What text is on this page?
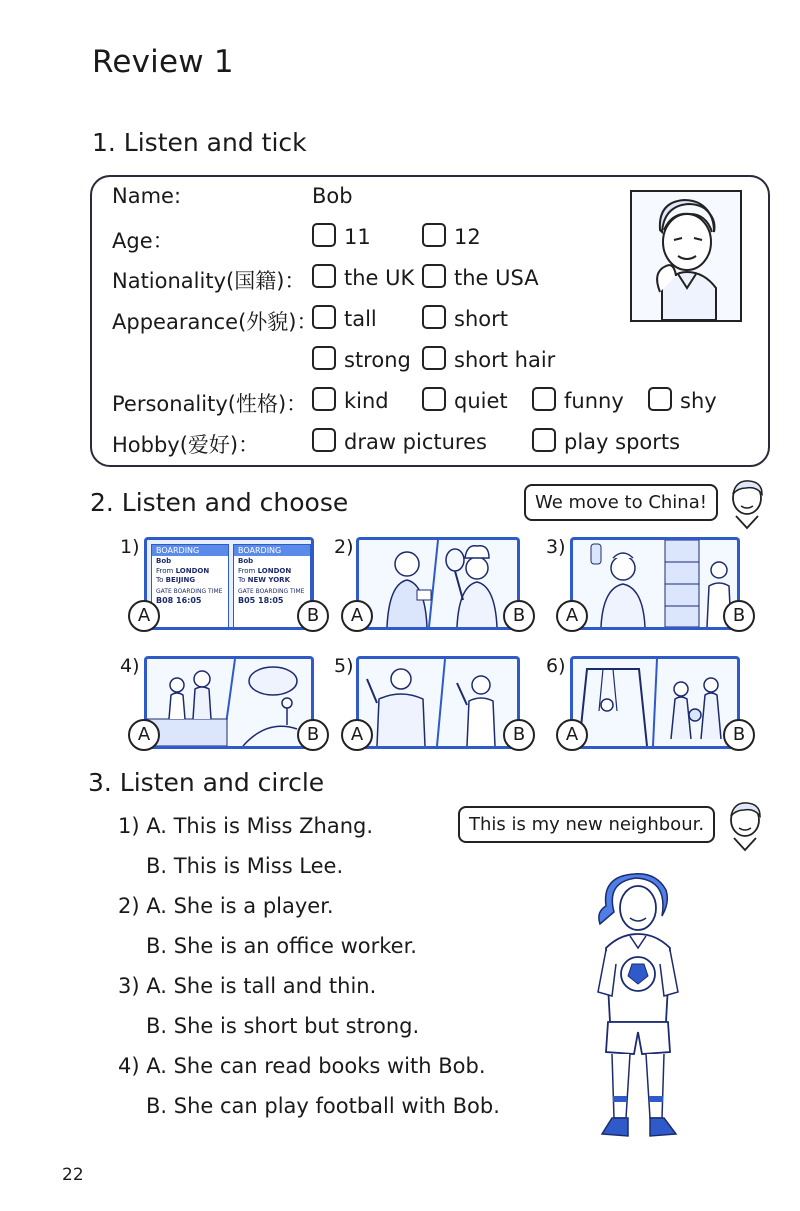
Review 1
1. Listen and tick
Name:	Bob
Age：	11	12
Nationality(国籍)：	the UK	the USA
Appearance(外貌)：	tall	short
strong	short hair
Personality(性格)：	kind	quiet	funny	shy
Hobby(爱好)：	draw pictures	play sports
2. Listen and choose	We move to China!
1)	BOARDING
Bob
From LONDON
To BEIJING
GATE BOARDING TIME
B08 16:05
BOARDING
Bob
From LONDON
To NEW YORK
GATE BOARDING TIME
B05 18:05
A	B
2)
A	B
3)
A	B
4)
A	B
5)
A	B
6)
A	B
3. Listen and circle
This is my new neighbour.
1) A. This is Miss Zhang.
B. This is Miss Lee.
2) A. She is a player.
B. She is an office worker.
3) A. She is tall and thin.
B. She is short but strong.
4) A. She can read books with Bob.
B. She can play football with Bob.
22
